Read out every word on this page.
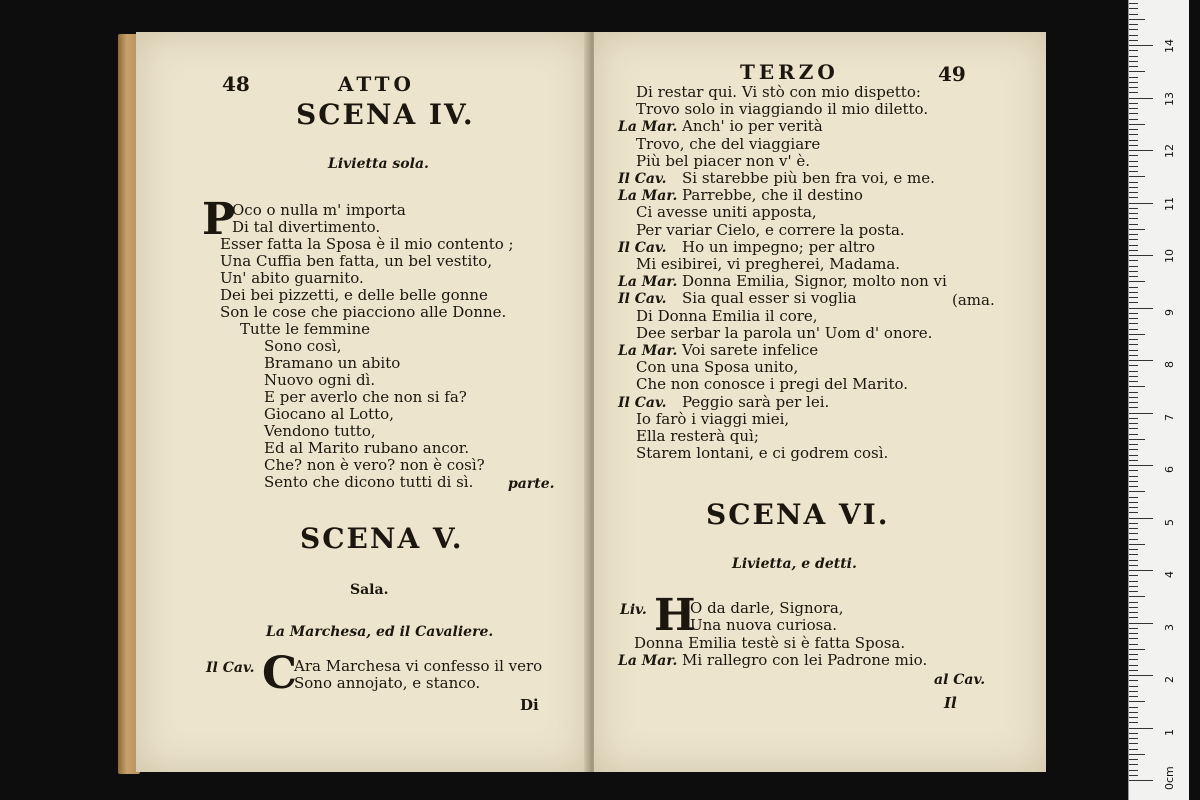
48	ATTO
SCENA IV.
Livietta sola.
P
Oco o nulla m' importa
Di tal divertimento.
Esser fatta la Sposa è il mio contento ;
Una Cuffia ben fatta, un bel vestito,
Un' abito guarnito.
Dei bei pizzetti, e delle belle gonne
Son le cose che piacciono alle Donne.
Tutte le femmine
Sono così,
Bramano un abito
Nuovo ogni dì.
E per averlo che non si fa?
Giocano al Lotto,
Vendono tutto,
Ed al Marito rubano ancor.
Che? non è vero? non è così?
Sento che dicono tutti di sì. parte.
SCENA V.
Sala.
La Marchesa, ed il Cavaliere.
Il Cav. C
Ara Marchesa vi confesso il vero
Sono annojato, e stanco.
Di
TERZO	49
Di restar qui. Vi stò con mio dispetto:
Trovo solo in viaggiando il mio diletto.
La Mar. Anch' io per verità
Trovo, che del viaggiare
Più bel piacer non v' è.
Il Cav. Si starebbe più ben fra voi, e me.
La Mar. Parrebbe, che il destino
Ci avesse uniti apposta,
Per variar Cielo, e correre la posta.
Il Cav. Ho un impegno; per altro
Mi esibirei, vi pregherei, Madama.
La Mar. Donna Emilia, Signor, molto non vi
Il Cav. Sia qual esser si voglia
Di Donna Emilia il core,
Dee serbar la parola un' Uom d' onore.
La Mar. Voi sarete infelice
Con una Sposa unito,
Che non conosce i pregi del Marito.
Il Cav. Peggio sarà per lei.
Io farò i viaggi miei,
Ella resterà quì;
Starem lontani, e ci godrem così.
(ama.
SCENA VI.
Livietta, e detti.
Liv. H
O da darle, Signora,
Una nuova curiosa.
Donna Emilia testè si è fatta Sposa.
La Mar. Mi rallegro con lei Padrone mio.
al Cav.
Il
1
2
3
4
5
6
7
8
9
10
11
12
13
14
0cm
